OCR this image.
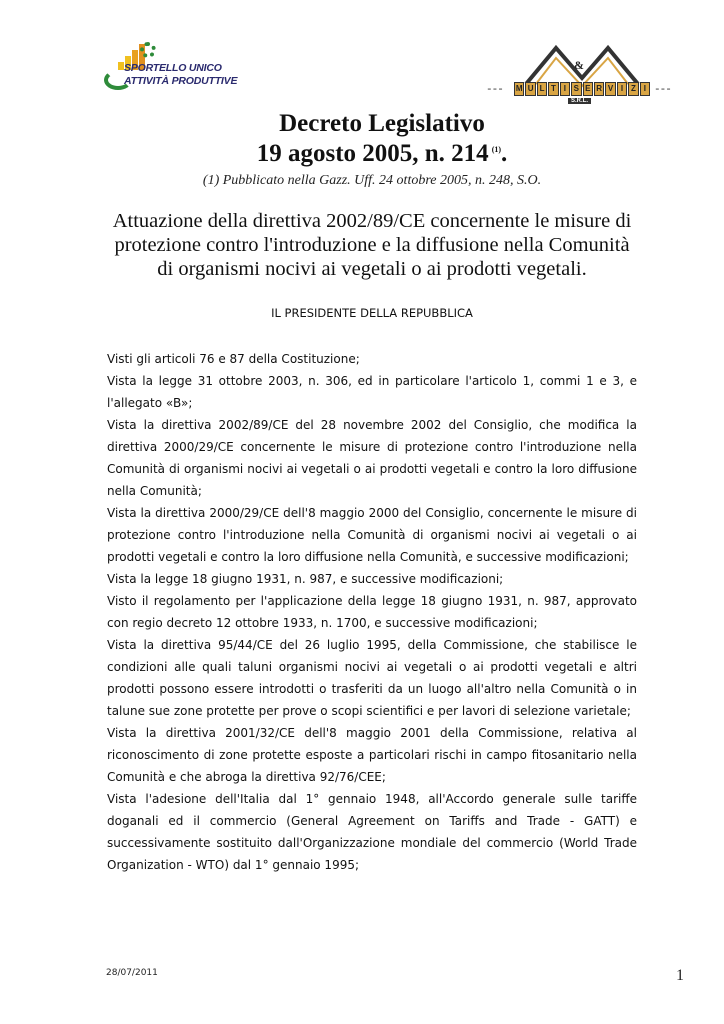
SPORTELLO UNICO
ATTIVITÀ PRODUTTIVE
---	---
M U L T I S E R V I Z I
&
S.R.L.
Decreto Legislativo
19 agosto 2005, n. 214 $^{(1)}$.
(1) Pubblicato nella Gazz. Uff. 24 ottobre 2005, n. 248, S.O.
Attuazione della direttiva 2002/89/CE concernente le misure di protezione contro l'introduzione e la diffusione nella Comunità di organismi nocivi ai vegetali o ai prodotti vegetali.
IL PRESIDENTE DELLA REPUBBLICA

Visti gli articoli 76 e 87 della Costituzione;

Vista la legge 31 ottobre 2003, n. 306, ed in particolare l'articolo 1, commi 1 e 3, e l'allegato «B»;

Vista la direttiva 2002/89/CE del 28 novembre 2002 del Consiglio, che modifica la direttiva 2000/29/CE concernente le misure di protezione contro l'introduzione nella Comunità di organismi nocivi ai vegetali o ai prodotti vegetali e contro la loro diffusione nella Comunità;

Vista la direttiva 2000/29/CE dell'8 maggio 2000 del Consiglio, concernente le misure di protezione contro l'introduzione nella Comunità di organismi nocivi ai vegetali o ai prodotti vegetali e contro la loro diffusione nella Comunità, e successive modificazioni;

Vista la legge 18 giugno 1931, n. 987, e successive modificazioni;

Visto il regolamento per l'applicazione della legge 18 giugno 1931, n. 987, approvato con regio decreto 12 ottobre 1933, n. 1700, e successive modificazioni;

Vista la direttiva 95/44/CE del 26 luglio 1995, della Commissione, che stabilisce le condizioni alle quali taluni organismi nocivi ai vegetali o ai prodotti vegetali e altri prodotti possono essere introdotti o trasferiti da un luogo all'altro nella Comunità o in talune sue zone protette per prove o scopi scientifici e per lavori di selezione varietale;

Vista la direttiva 2001/32/CE dell'8 maggio 2001 della Commissione, relativa al riconoscimento di zone protette esposte a particolari rischi in campo fitosanitario nella Comunità e che abroga la direttiva 92/76/CEE;

Vista l'adesione dell'Italia dal 1° gennaio 1948, all'Accordo generale sulle tariffe doganali ed il commercio (General Agreement on Tariffs and Trade - GATT) e successivamente sostituito dall'Organizzazione mondiale del commercio (World Trade Organization - WTO) dal 1° gennaio 1995;

28/07/2011	1
